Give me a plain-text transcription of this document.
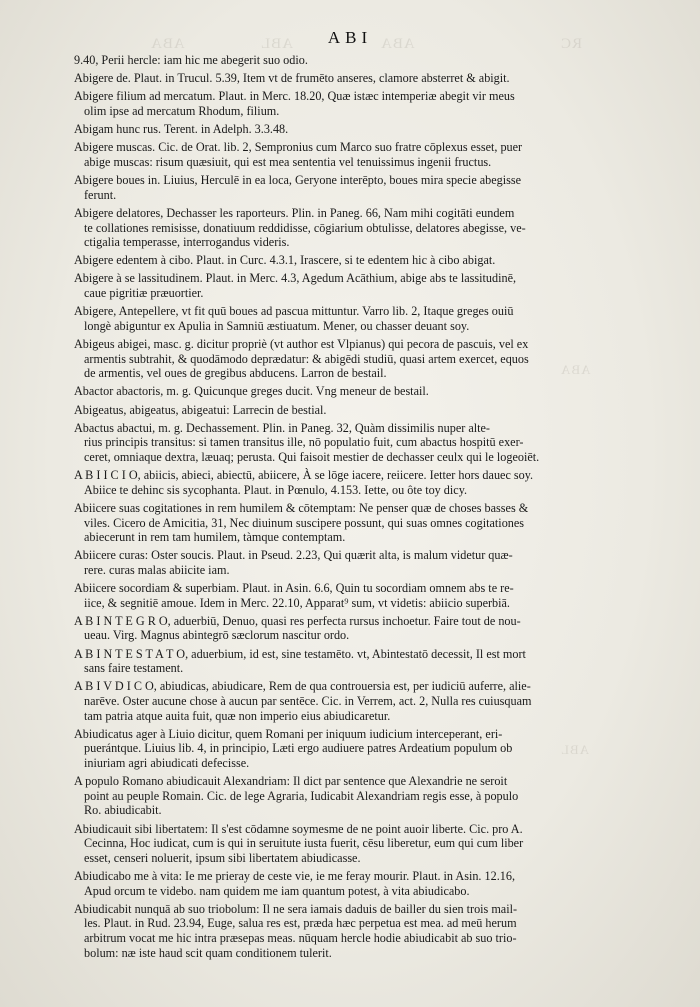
ABA	ABL	ABA	RC
ABA
ABL
ABI
9.40, Perii hercle: iam hic me abegerit suo odio.
Abigere de. Plaut. in Trucul. 5.39, Item vt de frumēto anseres, clamore absterret & abigit.
Abigere filium ad mercatum. Plaut. in Merc. 18.20, Quæ istæc intemperiæ abegit vir meus
olim ipse ad mercatum Rhodum, filium.
Abigam hunc rus. Terent. in Adelph. 3.3.48.
Abigere muscas. Cic. de Orat. lib. 2, Sempronius cum Marco suo fratre cōplexus esset, puer
abige muscas: risum quæsiuit, qui est mea sententia vel tenuissimus ingenii fructus.
Abigere boues in. Liuius, Herculē in ea loca, Geryone interēpto, boues mira specie abegisse
ferunt.
Abigere delatores, Dechasser les raporteurs. Plin. in Paneg. 66, Nam mihi cogitāti eundem
te collationes remisisse, donatiuum reddidisse, cōgiarium obtulisse, delatores abegisse, ve-
ctigalia temperasse, interrogandus videris.
Abigere edentem à cibo. Plaut. in Curc. 4.3.1, Irascere, si te edentem hic à cibo abigat.
Abigere à se lassitudinem. Plaut. in Merc. 4.3, Agedum Acāthium, abige abs te lassitudinē,
caue pigritiæ præuortier.
Abigere, Antepellere, vt fit quū boues ad pascua mittuntur. Varro lib. 2, Itaque greges ouiū
longè abiguntur ex Apulia in Samniū æstiuatum. Mener, ou chasser deuant soy.
Abigeus abigei, masc. g. dicitur propriè (vt author est Vlpianus) qui pecora de pascuis, vel ex
armentis subtrahit, & quodāmodo deprædatur: & abigēdi studiū, quasi artem exercet, equos
de armentis, vel oues de gregibus abducens. Larron de bestail.
Abactor abactoris, m. g. Quicunque greges ducit. Vng meneur de bestail.
Abigeatus, abigeatus, abigeatui: Larrecin de bestial.
Abactus abactui, m. g. Dechassement. Plin. in Paneg. 32, Quàm dissimilis nuper alte-
rius principis transitus: si tamen transitus ille, nō populatio fuit, cum abactus hospitū exer-
ceret, omniaque dextra, læuaq; perusta. Qui faisoit mestier de dechasser ceulx qui le logeoiēt.
A B I I C I O, abiicis, abieci, abiectū, abiicere, À se lōge iacere, reiicere. Ietter hors dauec soy.
Abiice te dehinc sis sycophanta. Plaut. in Pœnulo, 4.153. Iette, ou ôte toy dicy.
Abiicere suas cogitationes in rem humilem & cōtemptam: Ne penser quæ de choses basses &
viles. Cicero de Amicitia, 31, Nec diuinum suscipere possunt, qui suas omnes cogitationes
abiecerunt in rem tam humilem, tàmque contemptam.
Abiicere curas: Oster soucis. Plaut. in Pseud. 2.23, Qui quærit alta, is malum videtur quæ-
rere. curas malas abiicite iam.
Abiicere socordiam & superbiam. Plaut. in Asin. 6.6, Quin tu socordiam omnem abs te re-
iice, & segnitiē amoue. Idem in Merc. 22.10, Apparat⁹ sum, vt videtis: abiicio superbiā.
A B I N T E G R O, aduerbiū, Denuo, quasi res perfecta rursus inchoetur. Faire tout de nou-
ueau. Virg. Magnus abintegrō sæclorum nascitur ordo.
A B I N T E S T A T O, aduerbium, id est, sine testamēto. vt, Abintestatō decessit, Il est mort
sans faire testament.
A B I V D I C O, abiudicas, abiudicare, Rem de qua controuersia est, per iudiciū auferre, alie-
narēve. Oster aucune chose à aucun par sentēce. Cic. in Verrem, act. 2, Nulla res cuiusquam
tam patria atque auita fuit, quæ non imperio eius abiudicaretur.
Abiudicatus ager à Liuio dicitur, quem Romani per iniquum iudicium interceperant, eri-
puerántque. Liuius lib. 4, in principio, Læti ergo audiuere patres Ardeatium populum ob
iniuriam agri abiudicati defecisse.
A populo Romano abiudicauit Alexandriam: Il dict par sentence que Alexandrie ne seroit
point au peuple Romain. Cic. de lege Agraria, Iudicabit Alexandriam regis esse, à populo
Ro. abiudicabit.
Abiudicauit sibi libertatem: Il s'est cōdamne soymesme de ne point auoir liberte. Cic. pro A.
Cecinna, Hoc iudicat, cum is qui in seruitute iusta fuerit, cēsu liberetur, eum qui cum liber
esset, censeri noluerit, ipsum sibi libertatem abiudicasse.
Abiudicabo me à vita: Ie me prieray de ceste vie, ie me feray mourir. Plaut. in Asin. 12.16,
Apud orcum te videbo. nam quidem me iam quantum potest, à vita abiudicabo.
Abiudicabit nunquā ab suo triobolum: Il ne sera iamais daduis de bailler du sien trois mail-
les. Plaut. in Rud. 23.94, Euge, salua res est, præda hæc perpetua est mea. ad meū herum
arbitrum vocat me hic intra præsepas meas. nūquam hercle hodie abiudicabit ab suo trio-
bolum: næ iste haud scit quam conditionem tulerit.
